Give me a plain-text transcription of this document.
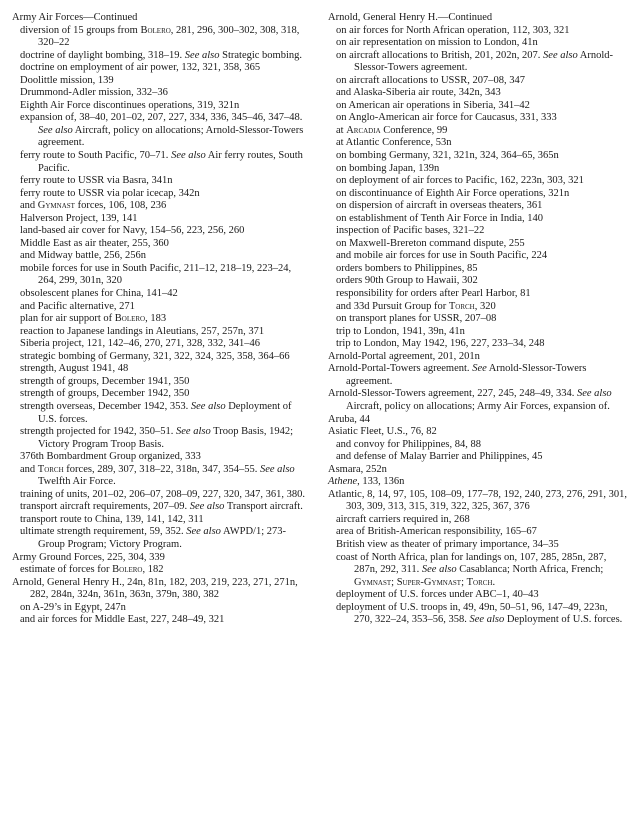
Army Air Forces—Continued
diversion of 15 groups from Bolero, 281, 296, 300–302, 308, 318, 320–22
doctrine of daylight bombing, 318–19. See also Strategic bombing.
doctrine on employment of air power, 132, 321, 358, 365
Doolittle mission, 139
Drummond-Adler mission, 332–36
Eighth Air Force discontinues operations, 319, 321n
expansion of, 38–40, 201–02, 207, 227, 334, 336, 345–46, 347–48. See also Aircraft, policy on allocations; Arnold-Slessor-Towers agreement.
ferry route to South Pacific, 70–71. See also Air ferry routes, South Pacific.
ferry route to USSR via Basra, 341n
ferry route to USSR via polar icecap, 342n
and Gymnast forces, 106, 108, 236
Halverson Project, 139, 141
land-based air cover for Navy, 154–56, 223, 256, 260
Middle East as air theater, 255, 360
and Midway battle, 256, 256n
mobile forces for use in South Pacific, 211–12, 218–19, 223–24, 264, 299, 301n, 320
obsolescent planes for China, 141–42
and Pacific alternative, 271
plan for air support of Bolero, 183
reaction to Japanese landings in Aleutians, 257, 257n, 371
Siberia project, 121, 142–46, 270, 271, 328, 332, 341–46
strategic bombing of Germany, 321, 322, 324, 325, 358, 364–66
strength, August 1941, 48
strength of groups, December 1941, 350
strength of groups, December 1942, 350
strength overseas, December 1942, 353. See also Deployment of U.S. forces.
strength projected for 1942, 350–51. See also Troop Basis, 1942; Victory Program Troop Basis.
376th Bombardment Group organized, 333
and Torch forces, 289, 307, 318–22, 318n, 347, 354–55. See also Twelfth Air Force.
training of units, 201–02, 206–07, 208–09, 227, 320, 347, 361, 380.
transport aircraft requirements, 207–09. See also Transport aircraft.
transport route to China, 139, 141, 142, 311
ultimate strength requirement, 59, 352. See also AWPD/1; 273-Group Program; Victory Program.
Army Ground Forces, 225, 304, 339
estimate of forces for Bolero, 182
Arnold, General Henry H., 24n, 81n, 182, 203, 219, 223, 271, 271n, 282, 284n, 324n, 361n, 363n, 379n, 380, 382
on A-29’s in Egypt, 247n
and air forces for Middle East, 227, 248–49, 321
Arnold, General Henry H.—Continued
on air forces for North African operation, 112, 303, 321
on air representation on mission to London, 41n
on aircraft allocations to British, 201, 202n, 207. See also Arnold-Slessor-Towers agreement.
on aircraft allocations to USSR, 207–08, 347
and Alaska-Siberia air route, 342n, 343
on American air operations in Siberia, 341–42
on Anglo-American air force for Caucasus, 331, 333
at Arcadia Conference, 99
at Atlantic Conference, 53n
on bombing Germany, 321, 321n, 324, 364–65, 365n
on bombing Japan, 139n
on deployment of air forces to Pacific, 162, 223n, 303, 321
on discontinuance of Eighth Air Force operations, 321n
on dispersion of aircraft in overseas theaters, 361
on establishment of Tenth Air Force in India, 140
inspection of Pacific bases, 321–22
on Maxwell-Brereton command dispute, 255
and mobile air forces for use in South Pacific, 224
orders bombers to Philippines, 85
orders 90th Group to Hawaii, 302
responsibility for orders after Pearl Harbor, 81
and 33d Pursuit Group for Torch, 320
on transport planes for USSR, 207–08
trip to London, 1941, 39n, 41n
trip to London, May 1942, 196, 227, 233–34, 248
Arnold-Portal agreement, 201, 201n
Arnold-Portal-Towers agreement. See Arnold-Slessor-Towers agreement.
Arnold-Slessor-Towers agreement, 227, 245, 248–49, 334. See also Aircraft, policy on allocations; Army Air Forces, expansion of.
Aruba, 44
Asiatic Fleet, U.S., 76, 82
and convoy for Philippines, 84, 88
and defense of Malay Barrier and Philippines, 45
Asmara, 252n
Athene, 133, 136n
Atlantic, 8, 14, 97, 105, 108–09, 177–78, 192, 240, 273, 276, 291, 301, 303, 309, 313, 315, 319, 322, 325, 367, 376
aircraft carriers required in, 268
area of British-American responsibility, 165–67
British view as theater of primary importance, 34–35
coast of North Africa, plan for landings on, 107, 285, 285n, 287, 287n, 292, 311. See also Casablanca; North Africa, French; Gymnast; Super-Gymnast; Torch.
deployment of U.S. forces under ABC–1, 40–43
deployment of U.S. troops in, 49, 49n, 50–51, 96, 147–49, 223n, 270, 322–24, 353–56, 358. See also Deployment of U.S. forces.
